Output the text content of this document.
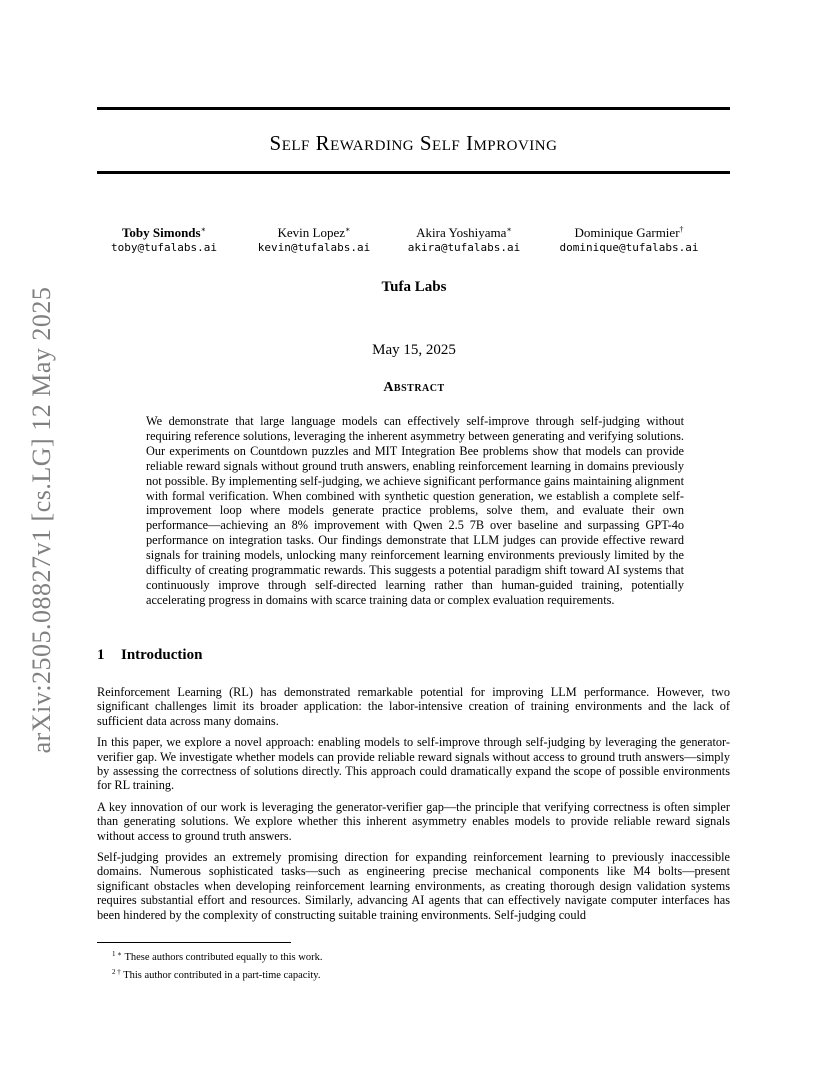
arXiv:2505.08827v1 [cs.LG] 12 May 2025
Self Rewarding Self Improving
Toby Simonds∗
toby@tufalabs.ai
Kevin Lopez∗
kevin@tufalabs.ai
Akira Yoshiyama∗
akira@tufalabs.ai
Dominique Garmier†
dominique@tufalabs.ai
Tufa Labs
May 15, 2025
Abstract
We demonstrate that large language models can effectively self-improve through self-judging without requiring reference solutions, leveraging the inherent asymmetry between generating and verifying solutions. Our experiments on Countdown puzzles and MIT Integration Bee problems show that models can provide reliable reward signals without ground truth answers, enabling reinforcement learning in domains previously not possible. By implementing self-judging, we achieve significant performance gains maintaining alignment with formal verification. When combined with synthetic question generation, we establish a complete self-improvement loop where models generate practice problems, solve them, and evaluate their own performance—achieving an 8% improvement with Qwen 2.5 7B over baseline and surpassing GPT-4o performance on integration tasks. Our findings demonstrate that LLM judges can provide effective reward signals for training models, unlocking many reinforcement learning environments previously limited by the difficulty of creating programmatic rewards. This suggests a potential paradigm shift toward AI systems that continuously improve through self-directed learning rather than human-guided training, potentially accelerating progress in domains with scarce training data or complex evaluation requirements.
1 Introduction

Reinforcement Learning (RL) has demonstrated remarkable potential for improving LLM performance. However, two significant challenges limit its broader application: the labor-intensive creation of training environments and the lack of sufficient data across many domains.

In this paper, we explore a novel approach: enabling models to self-improve through self-judging by leveraging the generator-verifier gap. We investigate whether models can provide reliable reward signals without access to ground truth answers—simply by assessing the correctness of solutions directly. This approach could dramatically expand the scope of possible environments for RL training.

A key innovation of our work is leveraging the generator-verifier gap—the principle that verifying correctness is often simpler than generating solutions. We explore whether this inherent asymmetry enables models to provide reliable reward signals without access to ground truth answers.

Self-judging provides an extremely promising direction for expanding reinforcement learning to previously inaccessible domains. Numerous sophisticated tasks—such as engineering precise mechanical components like M4 bolts—present significant obstacles when developing reinforcement learning environments, as creating thorough design validation systems requires substantial effort and resources. Similarly, advancing AI agents that can effectively navigate computer interfaces has been hindered by the complexity of constructing suitable training environments. Self-judging could

$^{1 ∗}$ These authors contributed equally to this work.
$^{2 \dagger}$ This author contributed in a part-time capacity.
